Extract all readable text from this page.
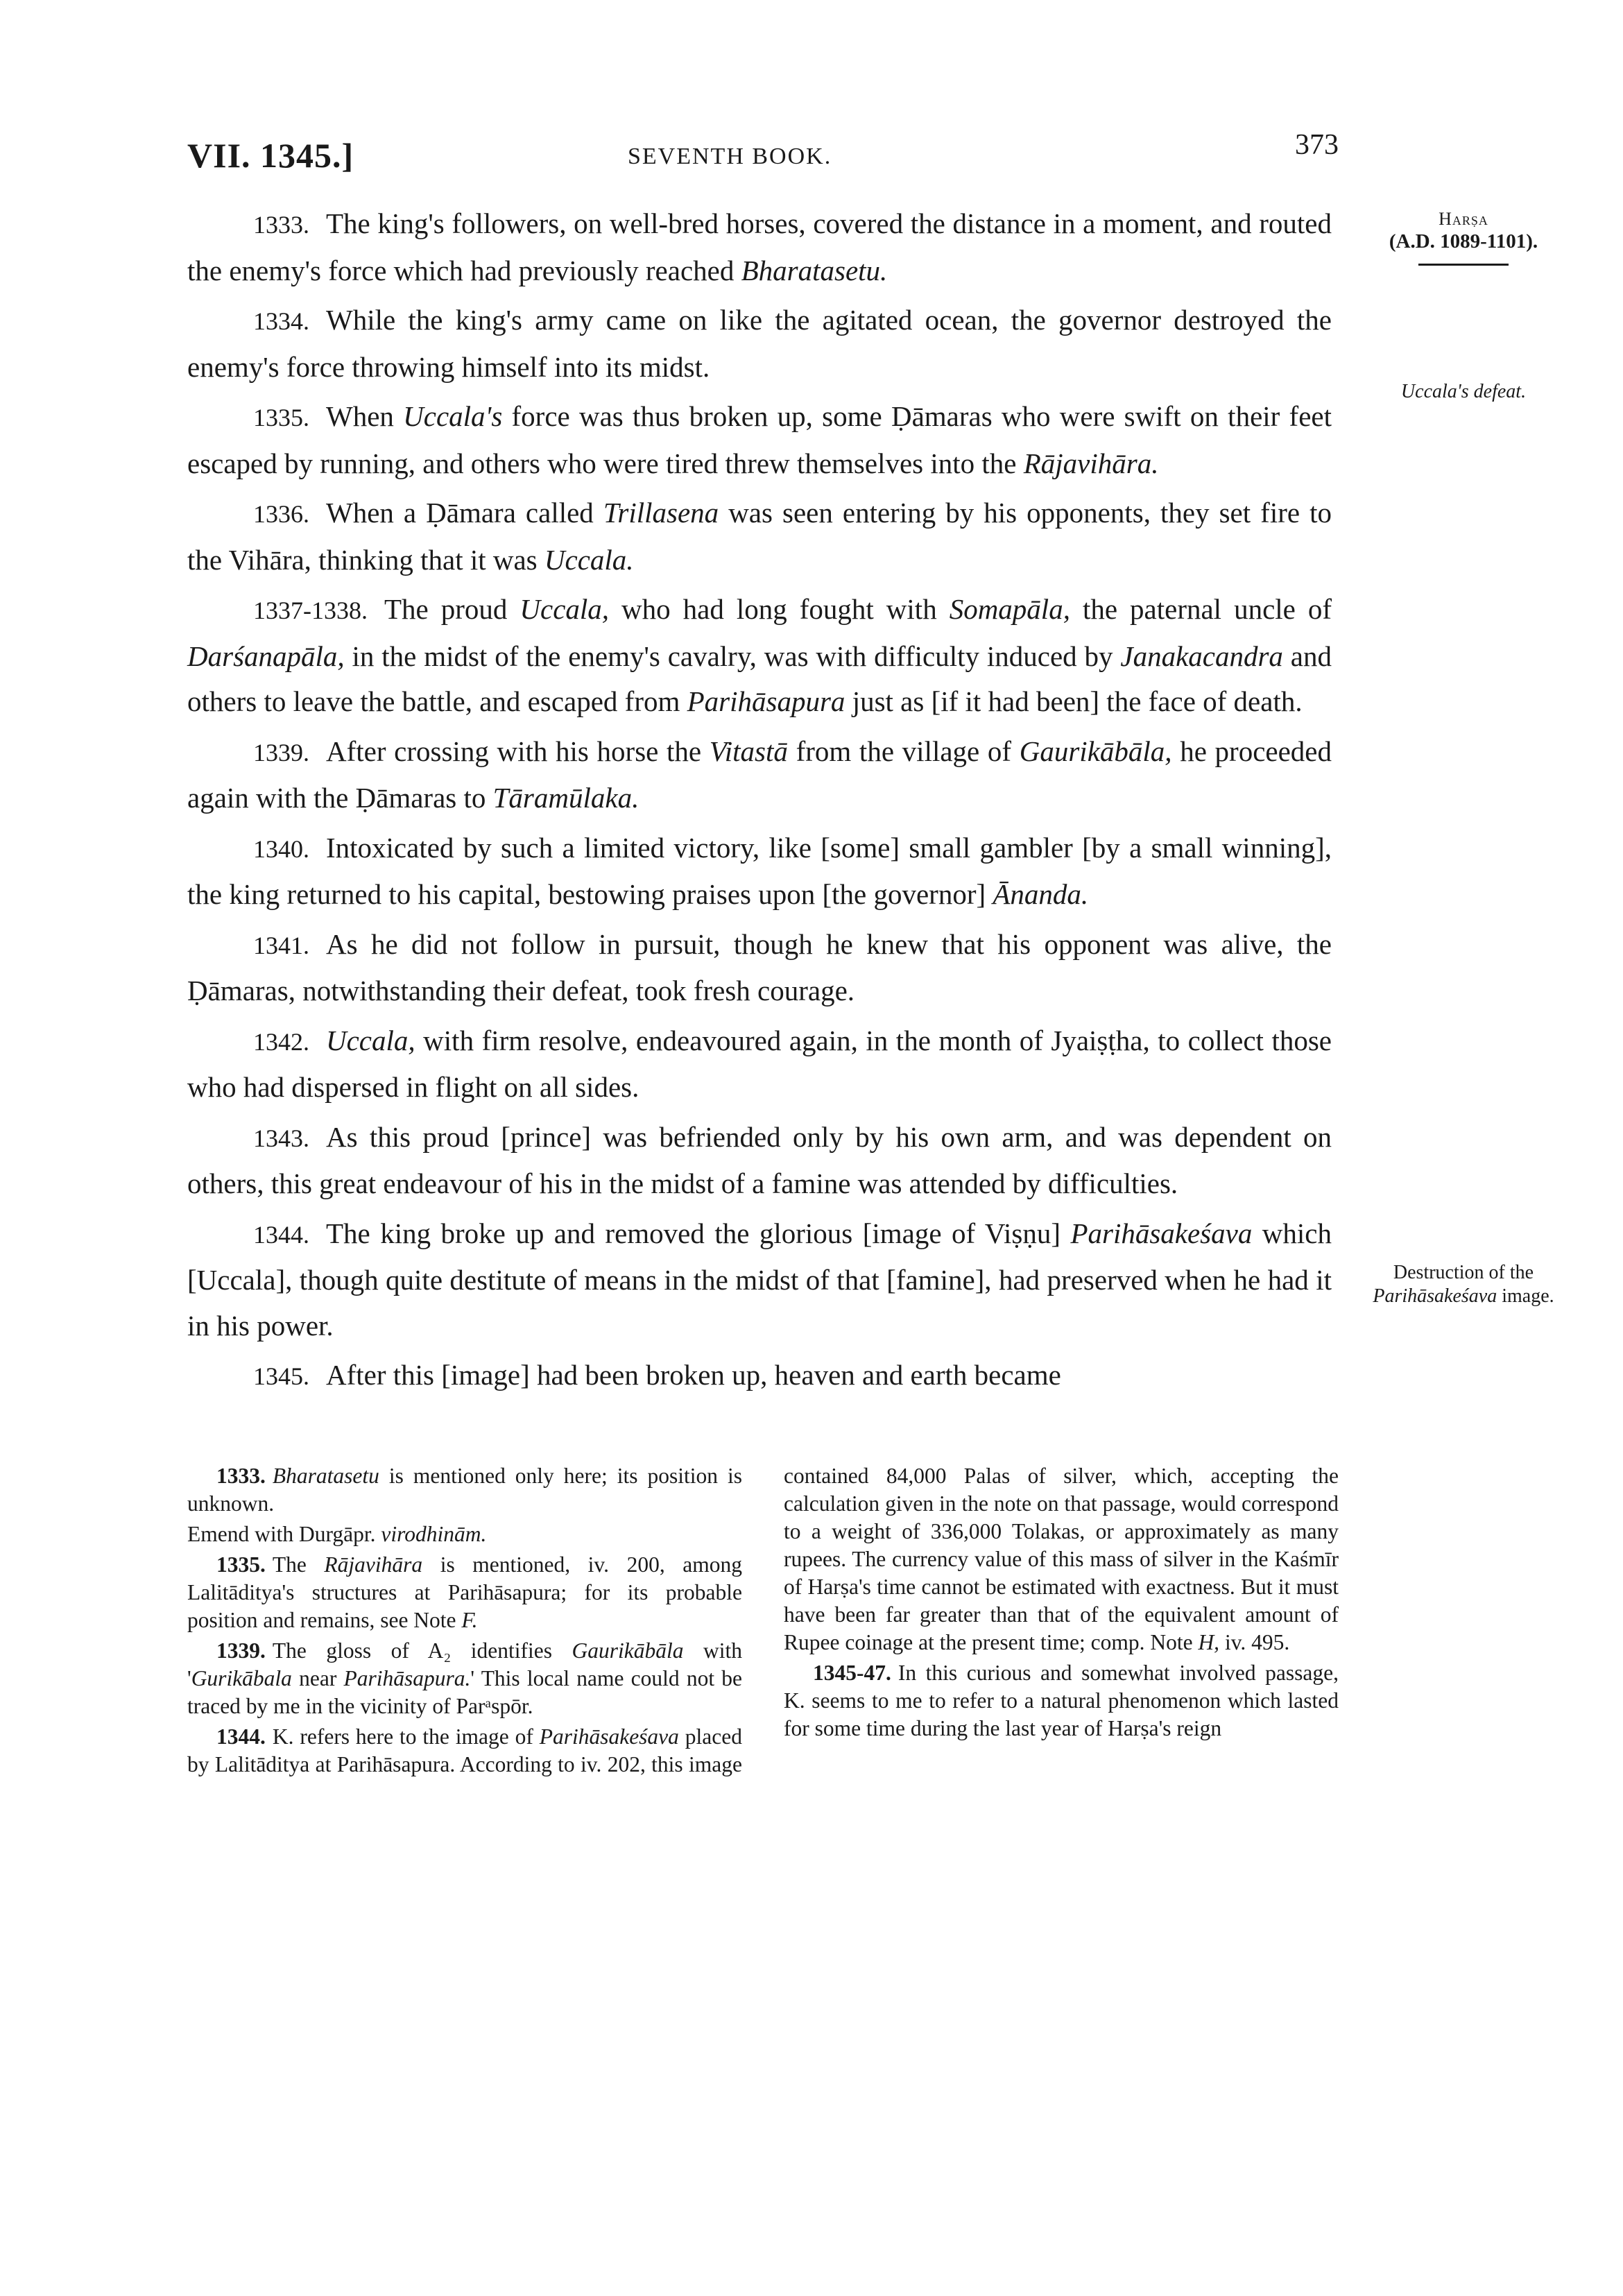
VII. 1345.]	SEVENTH BOOK.	373
Harṣa
(A.D. 1089-1101).
Uccala's defeat.
Destruction of the
Parihāsakeśava image.

1333. The king's followers, on well-bred horses, covered the distance in a moment, and routed the enemy's force which had previously reached Bharatasetu.

1334. While the king's army came on like the agitated ocean, the governor destroyed the enemy's force throwing himself into its midst.

1335. When Uccala's force was thus broken up, some Ḍāmaras who were swift on their feet escaped by running, and others who were tired threw themselves into the Rājavihāra.

1336. When a Ḍāmara called Trillasena was seen entering by his opponents, they set fire to the Vihāra, thinking that it was Uccala.

1337-1338. The proud Uccala, who had long fought with Somapāla, the paternal uncle of Darśanapāla, in the midst of the enemy's cavalry, was with difficulty induced by Janakacandra and others to leave the battle, and escaped from Parihāsapura just as [if it had been] the face of death.

1339. After crossing with his horse the Vitastā from the village of Gaurikābāla, he proceeded again with the Ḍāmaras to Tāramūlaka.

1340. Intoxicated by such a limited victory, like [some] small gambler [by a small winning], the king returned to his capital, bestowing praises upon [the governor] Ānanda.

1341. As he did not follow in pursuit, though he knew that his opponent was alive, the Ḍāmaras, notwithstanding their defeat, took fresh courage.

1342. Uccala, with firm resolve, endeavoured again, in the month of Jyaiṣṭha, to collect those who had dispersed in flight on all sides.

1343. As this proud [prince] was befriended only by his own arm, and was dependent on others, this great endeavour of his in the midst of a famine was attended by difficulties.

1344. The king broke up and removed the glorious [image of Viṣṇu] Parihāsakeśava which [Uccala], though quite destitute of means in the midst of that [famine], had preserved when he had it in his power.

1345. After this [image] had been broken up, heaven and earth became

1333. Bharatasetu is mentioned only here; its position is unknown.

Emend with Durgāpr. virodhinām.

1335. The Rājavihāra is mentioned, iv. 200, among Lalitāditya's structures at Parihāsapura; for its probable position and remains, see Note F.

1339. The gloss of A₂ identifies Gaurikābāla with 'Gurikābala near Parihāsapura.' This local name could not be traced by me in the vicinity of Parᵃspōr.

1344. K. refers here to the image of Parihāsakeśava placed by Lalitāditya at Parihāsapura. According to iv. 202, this image contained 84,000 Palas of silver, which, accepting the calculation given in the note on that passage, would correspond to a weight of 336,000 Tolakas, or approximately as many rupees. The currency value of this mass of silver in the Kaśmīr of Harṣa's time cannot be estimated with exactness. But it must have been far greater than that of the equivalent amount of Rupee coinage at the present time; comp. Note H, iv. 495.

1345-47. In this curious and somewhat involved passage, K. seems to me to refer to a natural phenomenon which lasted for some time during the last year of Harṣa's reign
